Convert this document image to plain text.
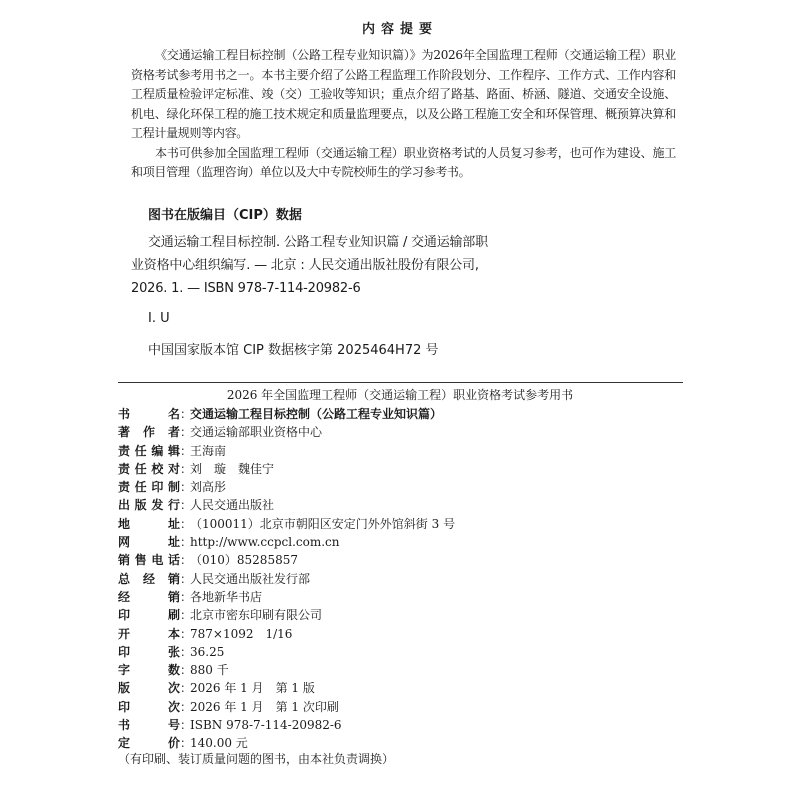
内容提要

《交通运输工程目标控制（公路工程专业知识篇）》为2026年全国监理工程师（交通运输工程）职业资格考试参考用书之一。本书主要介绍了公路工程监理工作阶段划分、工作程序、工作方式、工作内容和工程质量检验评定标准、竣（交）工验收等知识；重点介绍了路基、路面、桥涵、隧道、交通安全设施、机电、绿化环保工程的施工技术规定和质量监理要点，以及公路工程施工安全和环保管理、概预算决算和工程计量规则等内容。

本书可供参加全国监理工程师（交通运输工程）职业资格考试的人员复习参考，也可作为建设、施工和项目管理（监理咨询）单位以及大中专院校师生的学习参考书。

图书在版编目（CIP）数据
交通运输工程目标控制. 公路工程专业知识篇 / 交通运输部职业资格中心组织编写. — 北京 : 人民交通出版社股份有限公司, 2026. 1. — ISBN 978-7-114-20982-6
Ⅰ. U
中国国家版本馆 CIP 数据核字第 2025464H72 号
2026 年全国监理工程师（交通运输工程）职业资格考试参考用书
书名 ：
交通运输工程目标控制（公路工程专业知识篇）
著作者 ：
交通运输部职业资格中心
责任编辑 ：
王海南
责任校对 ：
刘　璇　魏佳宁
责任印制 ：
刘高彤
出版发行 ：
人民交通出版社
地址 ：
（100011）北京市朝阳区安定门外外馆斜街 3 号
网址 ：
http://www.ccpcl.com.cn
销售电话 ：
（010）85285857
总经销 ：
人民交通出版社发行部
经销 ：
各地新华书店
印刷 ：
北京市密东印刷有限公司
开本 ：
787×1092　1/16
印张 ：
36.25
字数 ：
880 千
版次 ：
2026 年 1 月　第 1 版
印次 ：
2026 年 1 月　第 1 次印刷
书号 ：
ISBN 978-7-114-20982-6
定价 ：
140.00 元
（有印刷、装订质量问题的图书，由本社负责调换）
